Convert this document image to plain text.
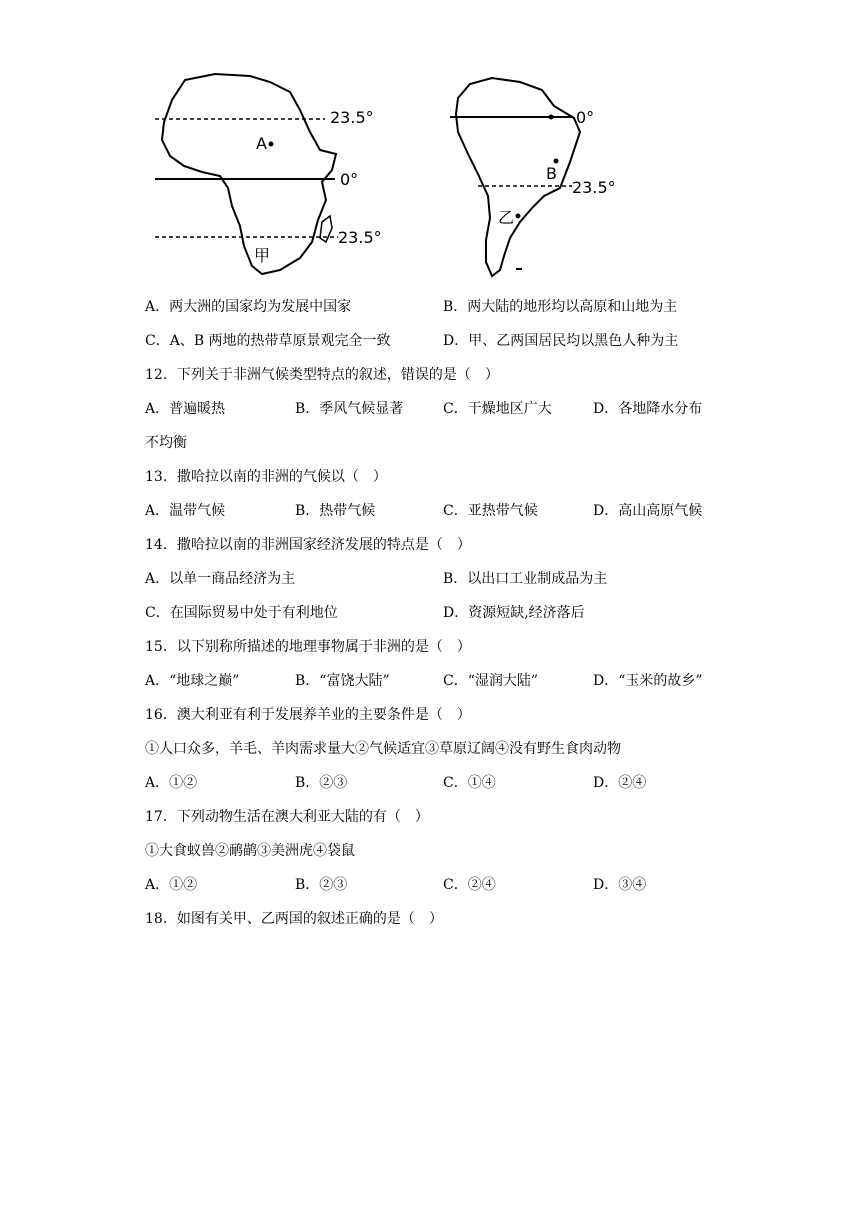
23.5°
0°
23.5°
A
甲
0°
23.5°
B
乙
A．两大洲的国家均为发展中国家	B．两大陆的地形均以高原和山地为主
C．A、B 两地的热带草原景观完全一致	D．甲、乙两国居民均以黑色人种为主
12．下列关于非洲气候类型特点的叙述，错误的是（　）
A．普遍暖热	B．季风气候显著	C．干燥地区广大	D．各地降水分布
不均衡
13．撒哈拉以南的非洲的气候以（　）
A．温带气候	B．热带气候	C．亚热带气候	D．高山高原气候
14．撒哈拉以南的非洲国家经济发展的特点是（　）
A．以单一商品经济为主	B．以出口工业制成品为主
C．在国际贸易中处于有利地位	D．资源短缺,经济落后
15．以下别称所描述的地理事物属于非洲的是（　）
A．“地球之巅”	B．“富饶大陆”	C．“湿润大陆”	D．“玉米的故乡”
16．澳大利亚有利于发展养羊业的主要条件是（　）
①人口众多，羊毛、羊肉需求量大②气候适宜③草原辽阔④没有野生食肉动物
A．①②	B．②③	C．①④	D．②④
17．下列动物生活在澳大利亚大陆的有（　）
①大食蚁兽②鸸鹋③美洲虎④袋鼠
A．①②	B．②③	C．②④	D．③④
18．如图有关甲、乙两国的叙述正确的是（　）
